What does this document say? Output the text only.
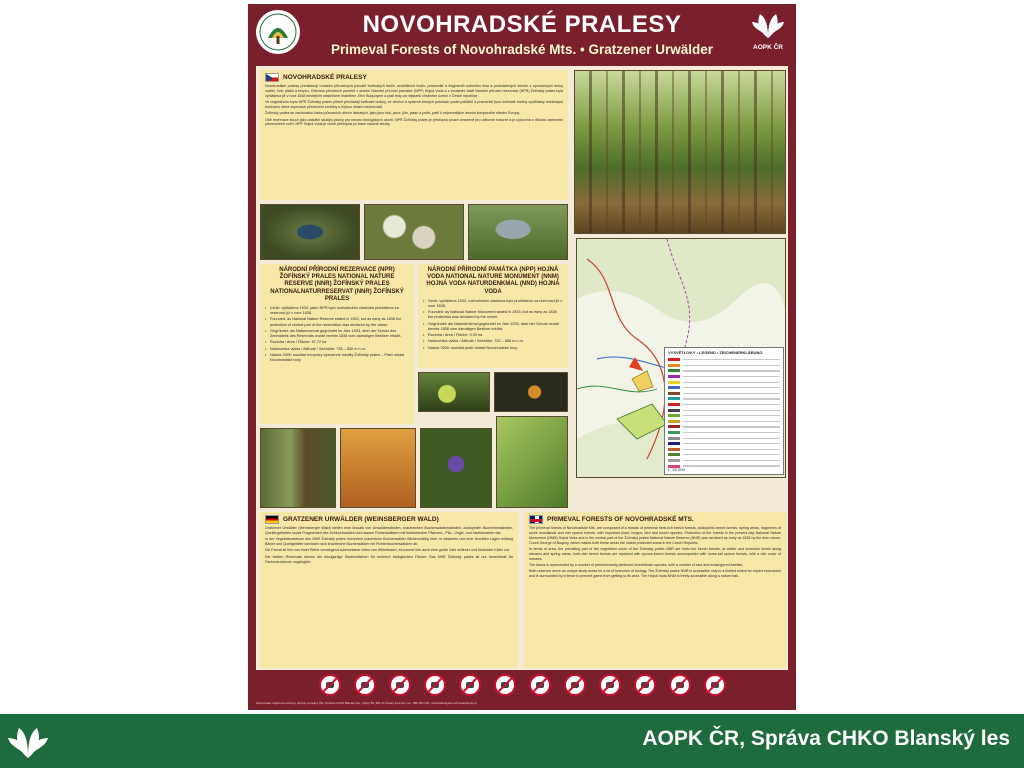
NOVOHRADSKÉ PRALESY
Primeval Forests of Novohradské Mts. • Gratzener Urwälder	AOPK ČR
NOVOHRADSKÉ PRALESY
Novohradské pralesy představují mozaiku přirozených porostů květnatých bučin, acidofilních bučin, pramenišť a fragmentů suťového lesa a podmáčených smrčin s významnými druhy rostlin, hub, ptáků a hmyzu. Ochrana přírodních poměrů v dnešní Národní přírodní památce (NPP) Hojná Voda a v sousední části Národní přírodní rezervace (NPR) Žofínský prales byla vyhlášena již v roce 1838 tehdejším vlastníkem hrabětem Jiřím Buquoyem a platí tedy za nejstarší chráněné území v České republice.
Ve vegetačním krytu NPR Žofínský prales půdně převládají květnaté bučiny, ve vlhčích a správně živných polohách podél potůčků a pramenišť jsou květnaté bučiny vystřídány smrkovými bučinami, které doprovází především smrčiny s hojnou účastí mechorostů.
Žofínský prales se zachovalou řadou původních dřevin listnatých, jako jsou buk, javor, jilm, jasan a jedle, patří k nejcennějším lesním komplexům střední Evropy.
Obě rezervace slouží jako unikátní studijní plochy pro mnoho biologických oborů. NPR Žofínský prales je přístupná pouze omezeně pro odborné exkurze a je oplocena z důvodu zamezení přemnožené zvěři. NPP Hojná Voda je volně přístupná po trase naučné stezky.
NÁRODNÍ PŘÍRODNÍ REZERVACE (NPR) ŽOFÍNSKÝ PRALES NATIONAL NATURE RESERVE (NNR) ŽOFÍNSKÝ PRALES NATIONALNATURRESERVAT (NNR) ŽOFÍNSKÝ PRALES
• Vznik: vyhlášena 1933, jádro NPR bylo rozhodnutím vlastníka prohlášeno za rezervaci již v roce 1838.
• Founded: as National Nature Reserve stated in 1933, but as early as 1838 the protection of central part of the reservation was declared by the owner.
• Gegründet: als Naturreservat gegründet im Jahr 1933, aber der Schutz des Zentralteils des Reservats wurde bereits 1838 vom damaligen Besitzer erklärt.
• Rozloha / Area / Fläche: 97,72 ha
• Nadmořská výška / Altitude / Seehöhe: 735 – 830 m n.m.
• Natura 2000: součást evropsky významné lokality Žofínský prales – Ptačí oblast Novohradské hory
NÁRODNÍ PŘÍRODNÍ PAMÁTKA (NPP) HOJNÁ VODA NATIONAL NATURE MONUMENT (NNM) HOJNÁ VODA NATURDENKMAL (NND) HOJNÁ VODA
• Vznik: vyhlášena 1933, rozhodnutím vlastníka bylo prohlášeno za rezervaci již v roce 1838.
• Founded: as National Nature Monument stated in 1933, but as early as 1838 the protection was declared by the owner.
• Gegründet: als Naturdenkmal gegründet im Jahr 1933, aber der Schutz wurde bereits 1838 vom damaligen Besitzer erklärt.
• Rozloha / Area / Fläche: 9,09 ha
• Nadmořská výška / Altitude / Seehöhe: 702 – 885 m n.m.
• Natura 2000: součást ptačí oblasti Novohradské hory
VYSVĚTLIVKY • LEGEND • ZEICHENERKLÄRUNG
1 : 50 000
GRATZENER URWÄLDER (WEINSBERGER WALD)
Gratzener Urwälder (Weinsberger Wald) stellen eine Mosaik von Urwaldbeständen, krautreichen Buchenwaldbeständen, azidophilen Buchenbeständen, Quellengebieten sowie Fragmenten des Schluchtwaldes und nassen Fichtenwäldern mit bedeutenden Pflanzen-, Pilz-, Vogel- und Insektenarten dar.
In der Vegetationsdecke des NNR Žofínský prales herrschen krautreiche Buchenwälder flächenmäßig über, in nässeren und eher feuchten Lagen entlang Bäche und Quellgebiete wechseln sich krautreiche Buchenwälder mit Fichtenbuchenwäldern ab.
Die Fauna ist hier von einer Reihe vorwiegend submontaner Arten von Wirbellosen, es kommt hier auch eine große Zahl seltener und bedrohter Käfer vor.
Die beiden Reservate dienen als einzigartige Studienflächen für mehrere biologischen Fächer. Das NNR Žofínský prales ist nur beschränkt für Fachexkursionen zugänglich.
PRIMEVAL FORESTS OF NOVOHRADSKÉ MTS.
The primeval forests of Novohradské Mts. are composed of a mosaic of primeval herb-rich beech forests, acidophilic beech forests, spring areas, fragments of scree woodlands and wet spruce forests, with important plant, fungus, bird and insect species. Protection of the forests in the present-day National Nature Monument (NNM) Hojná Voda and in the central part of the Žofínský prales National Nature Reserve (NNR) was declared as early as 1838 by the then owner, Count George of Buquoy, which makes both these areas the oldest protected areas in the Czech Republic.
In terms of area, the prevailing part of the vegetation cover of the Žofínský prales NNR are herb-rich beech forests, at wetter and inversion levels along streams and spring areas, herb-rich beech forests are replaced with spruce-beech forests accompanied with horse-tail spruce forests, with a rich cover of mosses.
The fauna is represented by a number of predominantly piedmont invertebrate species, with a number of rare and endangered beetles.
Both reserves serve as unique study areas for a lot of branches of biology. The Žofínský prales NNR is accessible only to a limited extent for expert excursions and is surrounded by a fence to prevent game from getting to its area. The Hojná Voda NNM is freely accessible along a nature trail.
Zpracovala: Agentura ochrany přírody a krajiny ČR, Správa CHKO Blanský les, Vyšný 59, 381 01 Český Krumlov, tel.: 380 301 031, www.blanskyles.ochranaprirody.cz
AOPK ČR, Správa CHKO Blanský les
